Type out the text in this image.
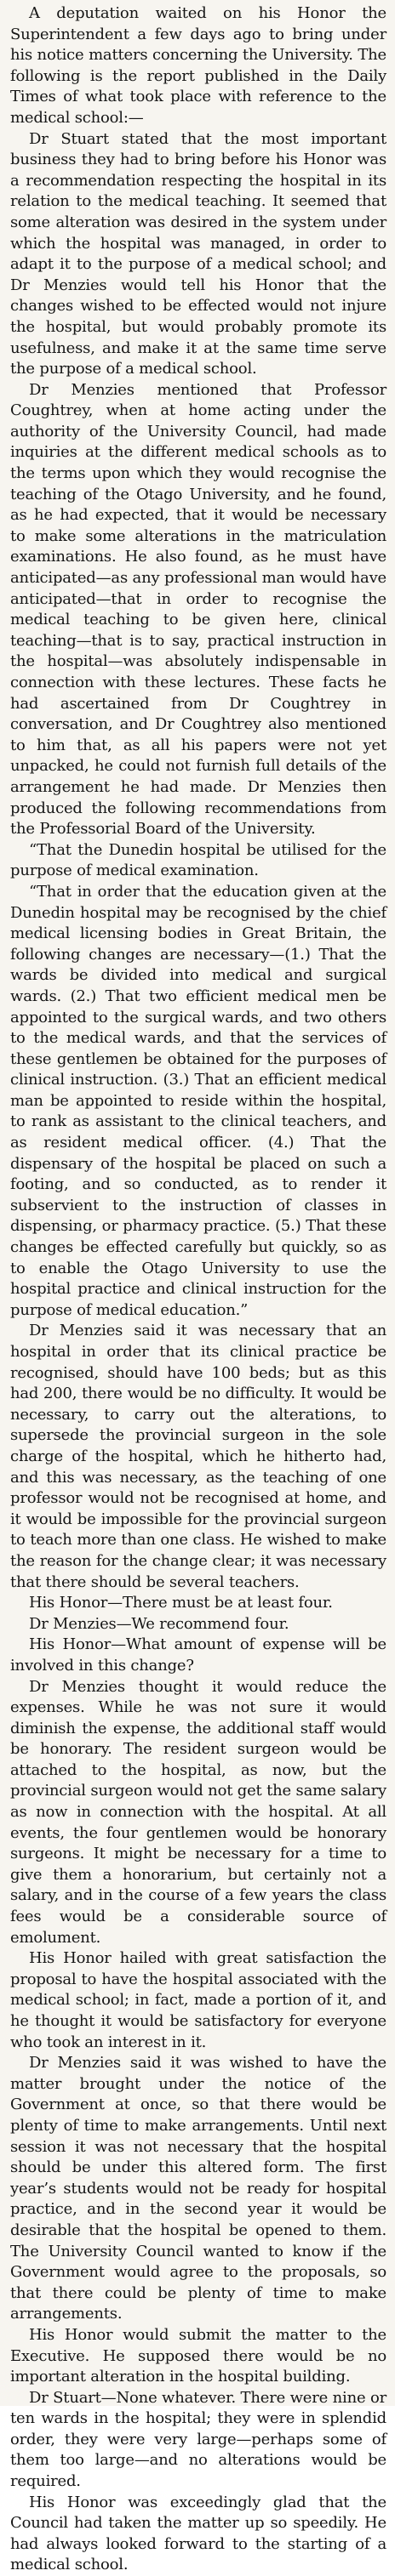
A deputation waited on his Honor the Superintendent a few days ago to bring under his notice matters concerning the University. The following is the report published in the Daily Times of what took place with reference to the medical school:—

Dr Stuart stated that the most important business they had to bring before his Honor was a recommendation respecting the hospital in its relation to the medical teaching. It seemed that some alteration was desired in the system under which the hospital was managed, in order to adapt it to the purpose of a medical school; and Dr Menzies would tell his Honor that the changes wished to be effected would not injure the hospital, but would probably promote its usefulness, and make it at the same time serve the purpose of a medical school.

Dr Menzies mentioned that Professor Coughtrey, when at home acting under the authority of the University Council, had made inquiries at the different medical schools as to the terms upon which they would recognise the teaching of the Otago University, and he found, as he had expected, that it would be necessary to make some alterations in the matriculation examinations. He also found, as he must have anticipated—as any professional man would have anticipated—that in order to recognise the medical teaching to be given here, clinical teaching—that is to say, practical instruction in the hospital—was absolutely indispensable in connection with these lectures. These facts he had ascertained from Dr Coughtrey in conversation, and Dr Coughtrey also mentioned to him that, as all his papers were not yet unpacked, he could not furnish full details of the arrangement he had made. Dr Menzies then produced the following recommendations from the Professorial Board of the University.

“That the Dunedin hospital be utilised for the purpose of medical examination.

“That in order that the education given at the Dunedin hospital may be recognised by the chief medical licensing bodies in Great Britain, the following changes are necessary—(1.) That the wards be divided into medical and surgical wards. (2.) That two efficient medical men be appointed to the surgical wards, and two others to the medical wards, and that the services of these gentlemen be obtained for the purposes of clinical instruction. (3.) That an efficient medical man be appointed to reside within the hospital, to rank as assistant to the clinical teachers, and as resident medical officer. (4.) That the dispensary of the hospital be placed on such a footing, and so conducted, as to render it subservient to the instruction of classes in dispensing, or pharmacy practice. (5.) That these changes be effected carefully but quickly, so as to enable the Otago University to use the hospital practice and clinical instruction for the purpose of medical education.”

Dr Menzies said it was necessary that an hospital in order that its clinical practice be recognised, should have 100 beds; but as this had 200, there would be no difficulty. It would be necessary, to carry out the alterations, to supersede the provincial surgeon in the sole charge of the hospital, which he hitherto had, and this was necessary, as the teaching of one professor would not be recognised at home, and it would be impossible for the provincial surgeon to teach more than one class. He wished to make the reason for the change clear; it was necessary that there should be several teachers.

His Honor—There must be at least four.

Dr Menzies—We recommend four.

His Honor—What amount of expense will be involved in this change?

Dr Menzies thought it would reduce the expenses. While he was not sure it would diminish the expense, the additional staff would be honorary. The resident surgeon would be attached to the hospital, as now, but the provincial surgeon would not get the same salary as now in connection with the hospital. At all events, the four gentlemen would be honorary surgeons. It might be necessary for a time to give them a honorarium, but certainly not a salary, and in the course of a few years the class fees would be a considerable source of emolument.

His Honor hailed with great satisfaction the proposal to have the hospital associated with the medical school; in fact, made a portion of it, and he thought it would be satisfactory for everyone who took an interest in it.

Dr Menzies said it was wished to have the matter brought under the notice of the Government at once, so that there would be plenty of time to make arrangements. Until next session it was not necessary that the hospital should be under this altered form. The first year’s students would not be ready for hospital practice, and in the second year it would be desirable that the hospital be opened to them. The University Council wanted to know if the Government would agree to the proposals, so that there could be plenty of time to make arrangements.

His Honor would submit the matter to the Executive. He supposed there would be no important alteration in the hospital building.

Dr Stuart—None whatever. There were nine or ten wards in the hospital; they were in splendid order, they were very large—perhaps some of them too large—and no alterations would be required.

His Honor was exceedingly glad that the Council had taken the matter up so speedily. He had always looked forward to the starting of a medical school.
